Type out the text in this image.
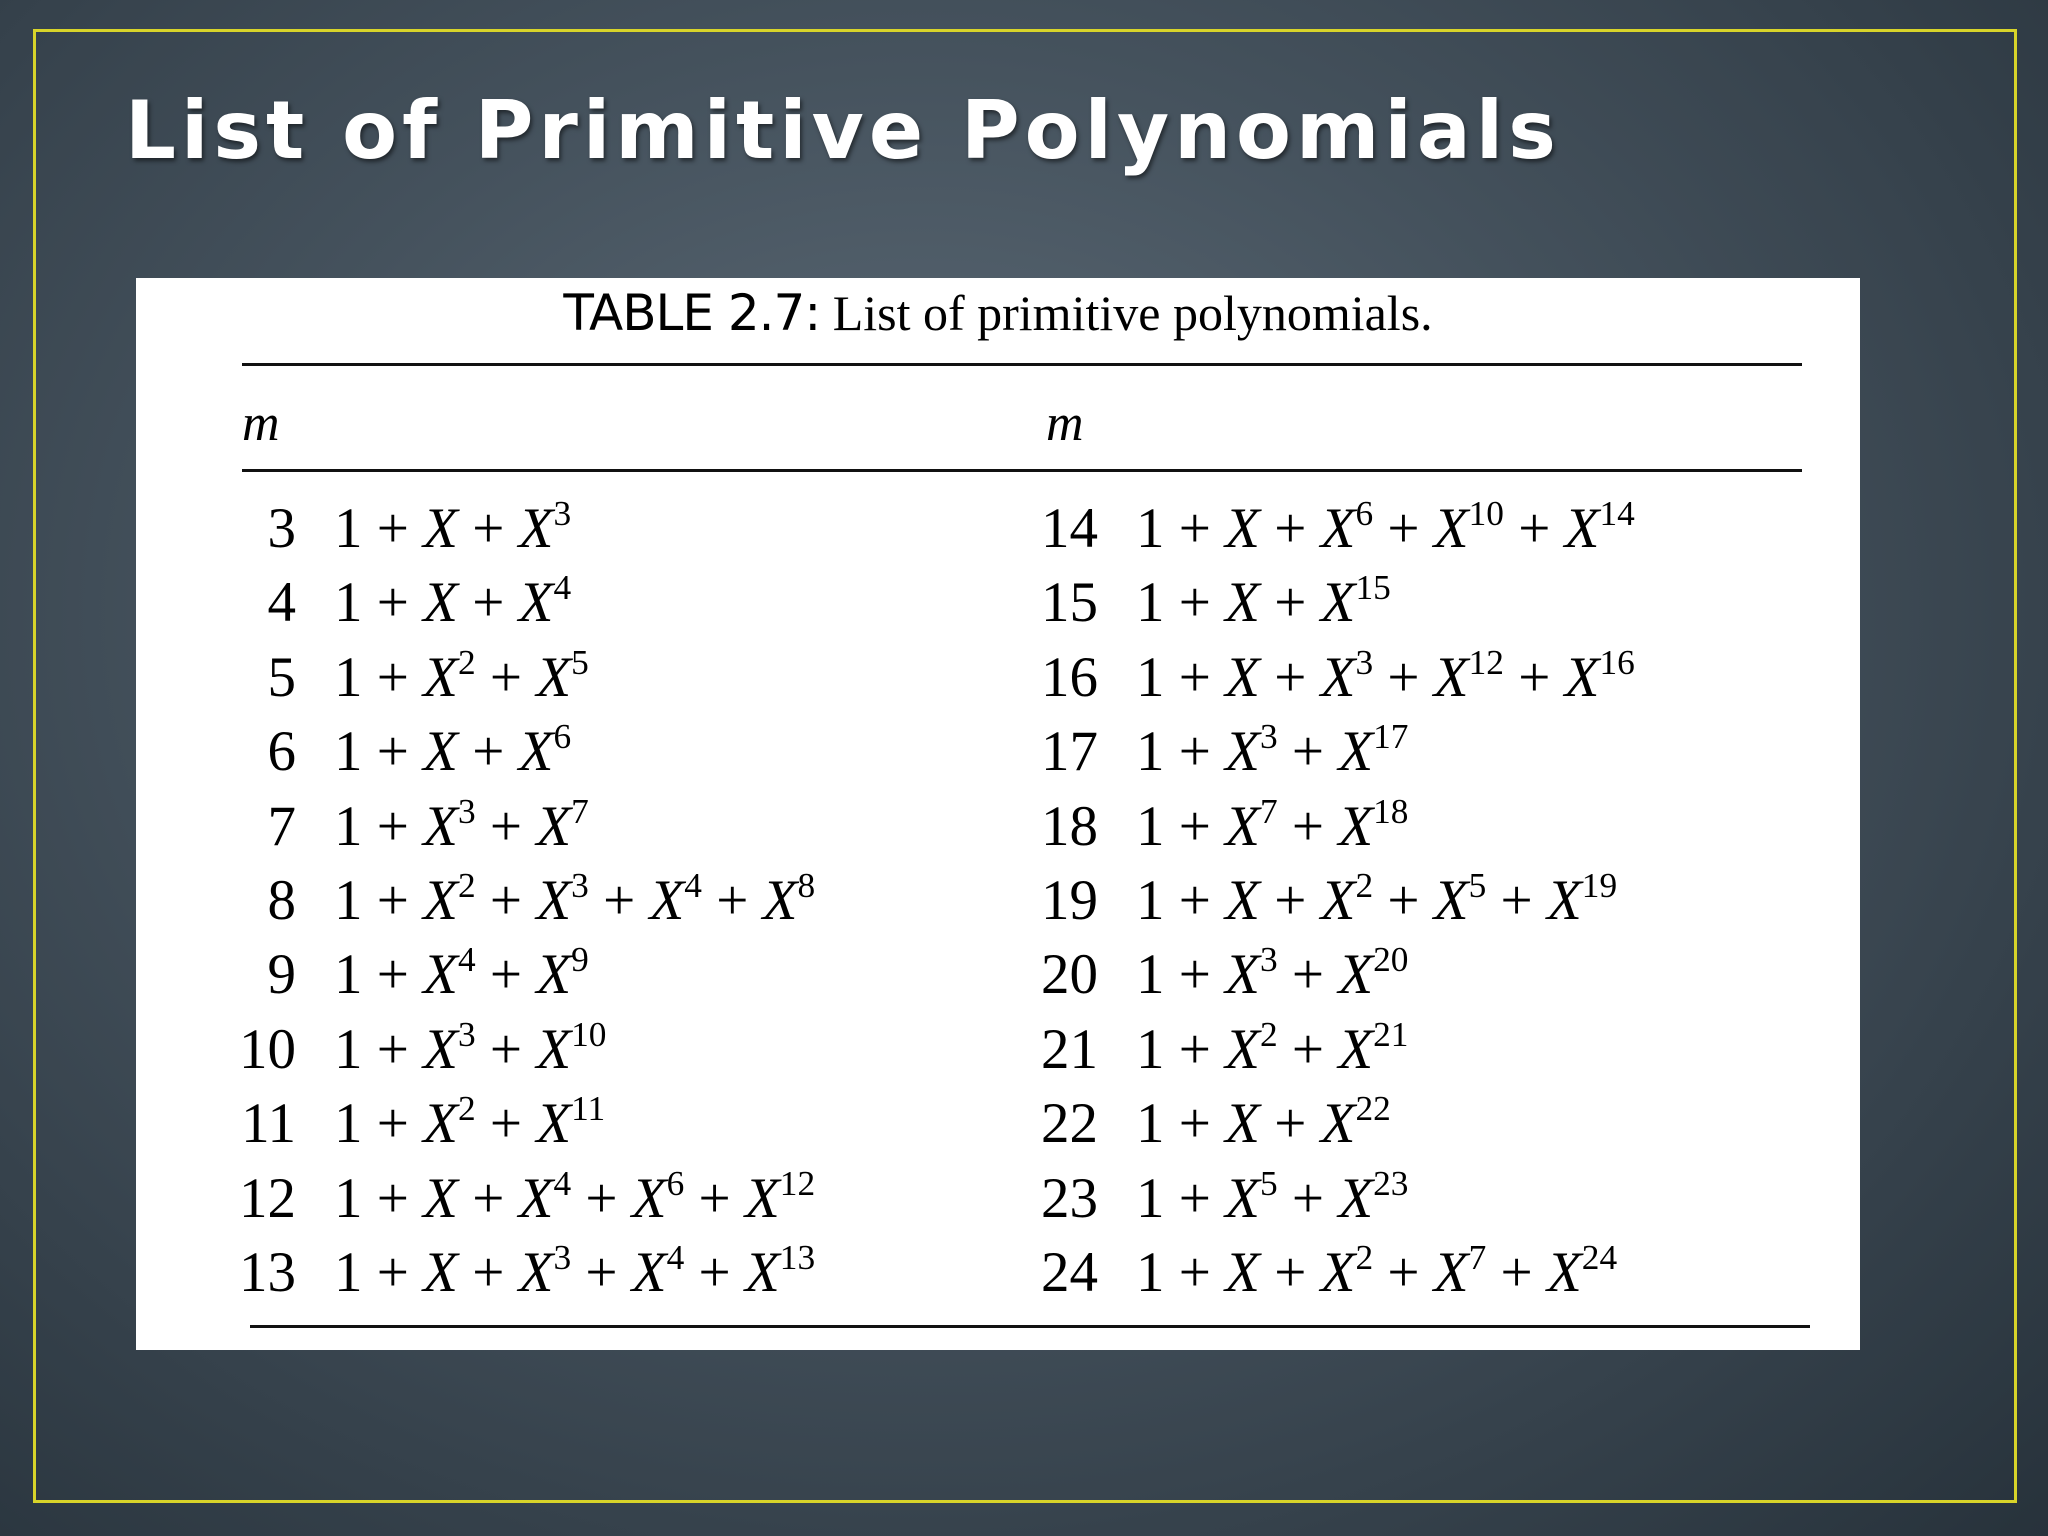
List of Primitive Polynomials
TABLE 2.7: List of primitive polynomials.
m	m
3 $1 + X + X^3$
4 $1 + X + X^4$
5 $1 + X^2 + X^5$
6 $1 + X + X^6$
7 $1 + X^3 + X^7$
8 $1 + X^2 + X^3 + X^4 + X^8$
9 $1 + X^4 + X^9$
10 $1 + X^3 + X^{10}$
11 $1 + X^2 + X^{11}$
12 $1 + X + X^4 + X^6 + X^{12}$
13 $1 + X + X^3 + X^4 + X^{13}$
14 $1 + X + X^6 + X^{10} + X^{14}$
15 $1 + X + X^{15}$
16 $1 + X + X^3 + X^{12} + X^{16}$
17 $1 + X^3 + X^{17}$
18 $1 + X^7 + X^{18}$
19 $1 + X + X^2 + X^5 + X^{19}$
20 $1 + X^3 + X^{20}$
21 $1 + X^2 + X^{21}$
22 $1 + X + X^{22}$
23 $1 + X^5 + X^{23}$
24 $1 + X + X^2 + X^7 + X^{24}$
